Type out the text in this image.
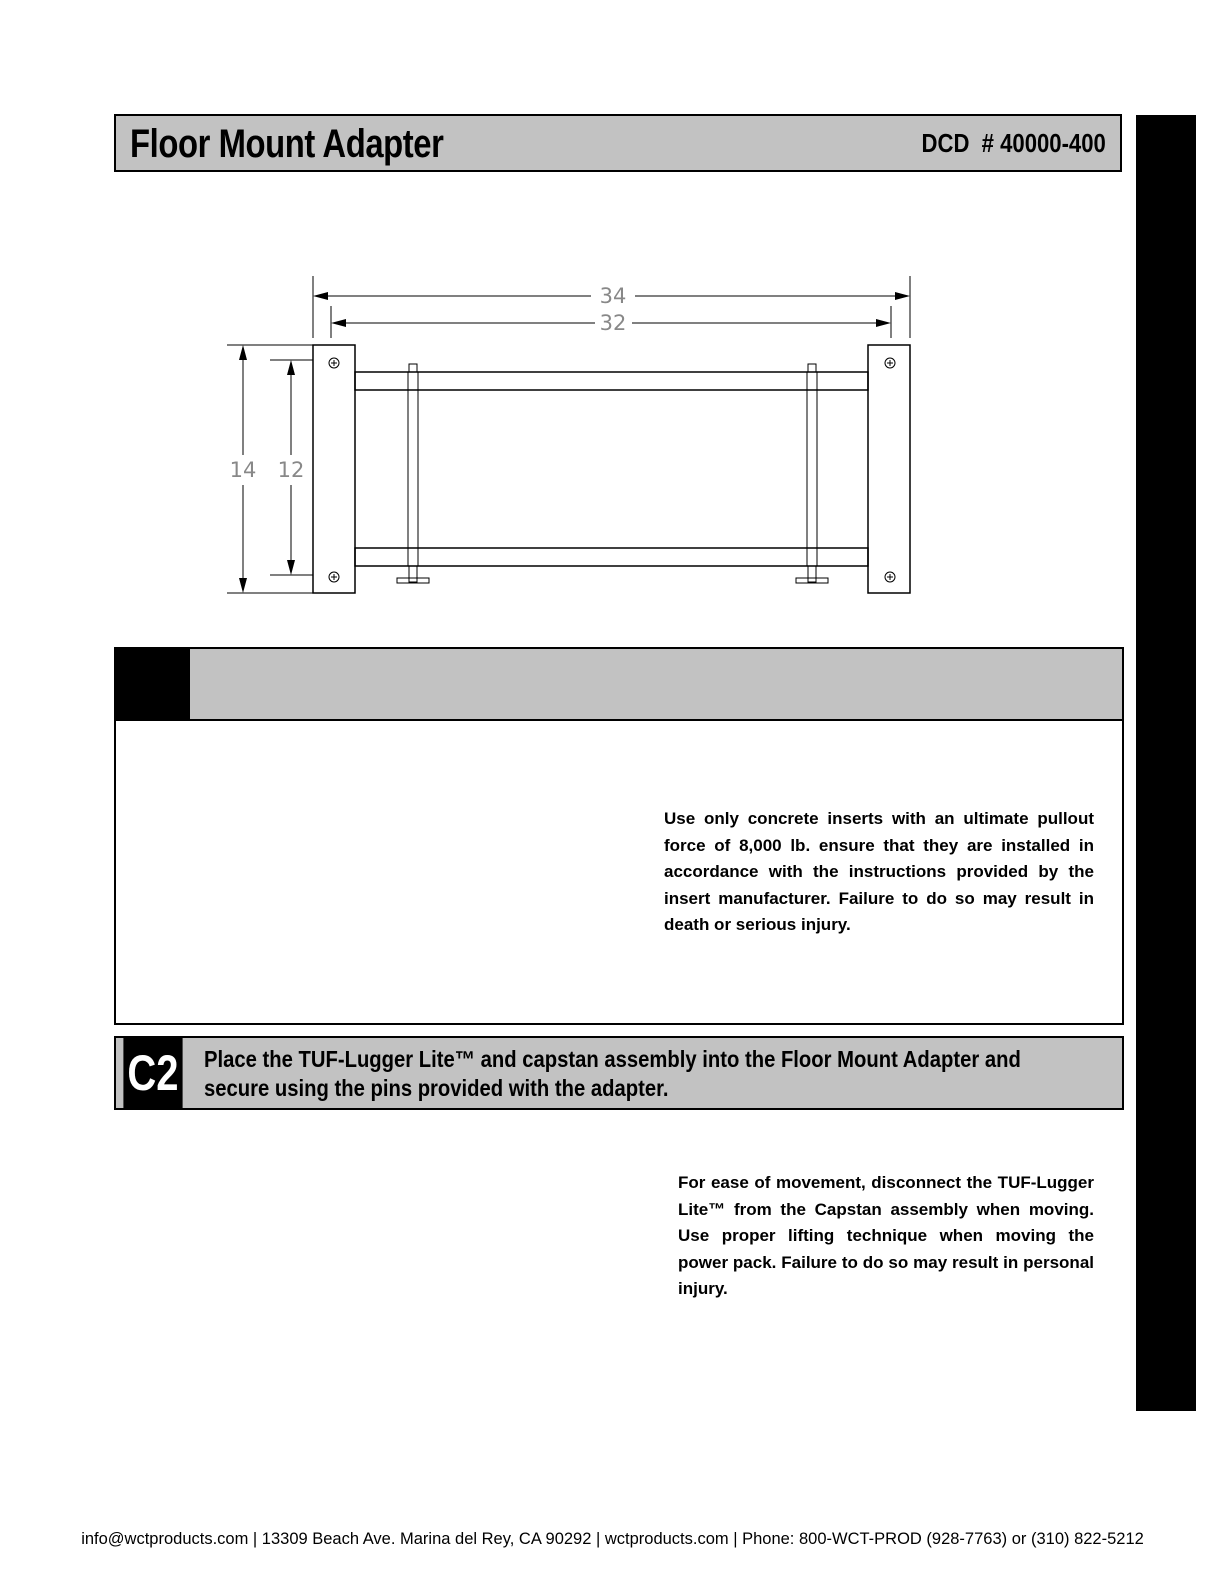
Floor Mount Adapter	DCD  # 40000-400
34
32
14 12
Use only concrete inserts with an ultimate pullout force of 8,000 lb. ensure that they are installed in accordance with the instructions provided by the insert manufacturer. Failure to do so may result in death or serious injury.
C2 Place the TUF-Lugger Lite™ and capstan assembly into the Floor Mount Adapter and secure using the pins provided with the adapter.
For ease of movement, disconnect the TUF-Lugger Lite™ from the Capstan assembly when moving. Use proper lifting technique when moving the power pack. Failure to do so may result in personal injury.
info@wctproducts.com | 13309 Beach Ave. Marina del Rey, CA 90292 | wctproducts.com | Phone: 800-WCT-PROD (928-7763) or (310) 822-5212
